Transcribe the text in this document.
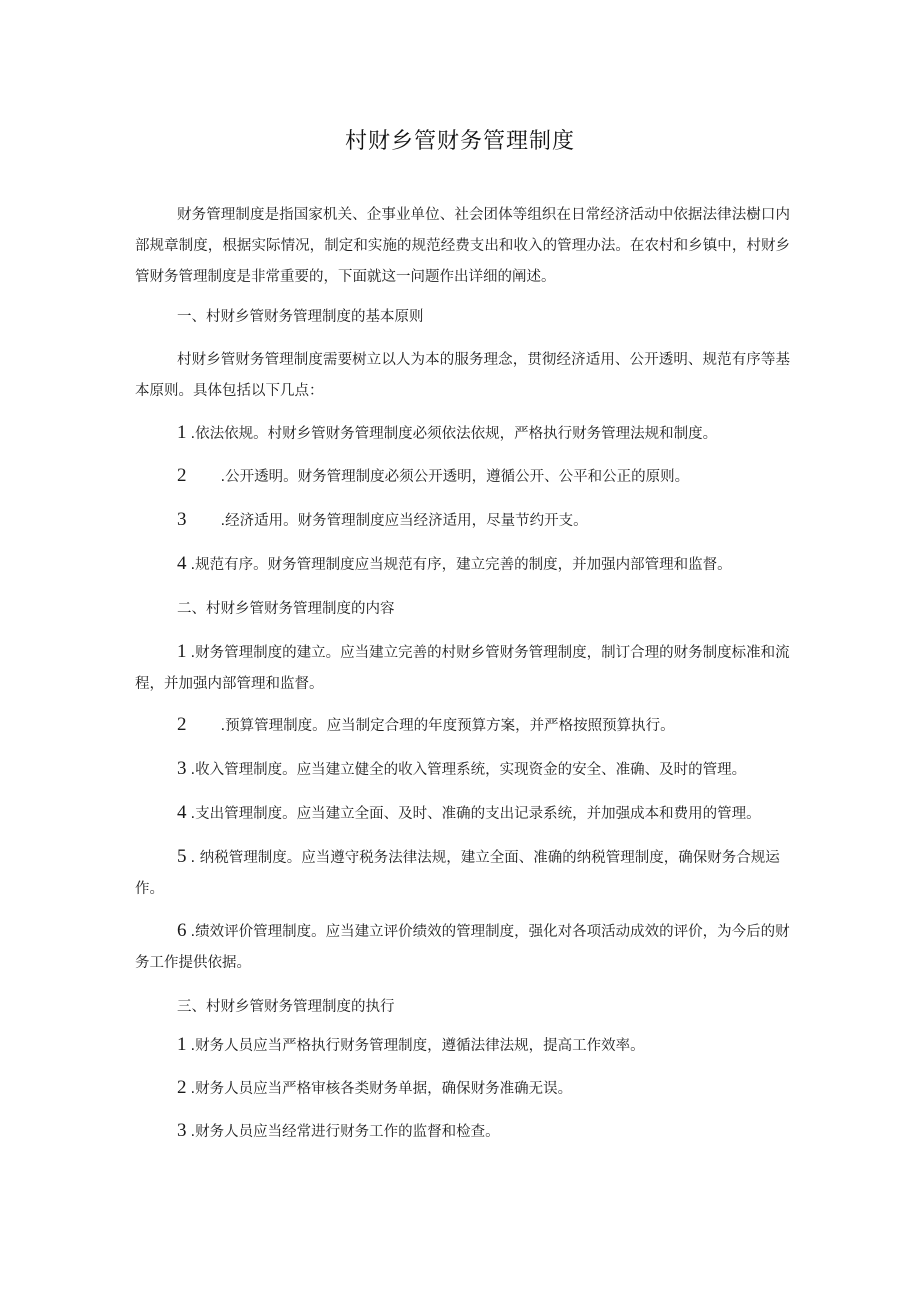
村财乡管财务管理制度

财务管理制度是指国家机关、企事业单位、社会团体等组织在日常经济活动中依据法律法樹口内部规章制度，根据实际情况，制定和实施的规范经费支出和收入的管理办法。在农村和乡镇中，村财乡管财务管理制度是非常重要的，下面就这一问题作出详细的阐述。

一、村财乡管财务管理制度的基本原则

村财乡管财务管理制度需要树立以人为本的服务理念，贯彻经济适用、公开透明、规范有序等基本原则。具体包括以下几点：

1 .依法依规。村财乡管财务管理制度必须依法依规，严格执行财务管理法规和制度。

2 .公开透明。财务管理制度必须公开透明，遵循公开、公平和公正的原则。

3 .经济适用。财务管理制度应当经济适用，尽量节约开支。

4 .规范有序。财务管理制度应当规范有序，建立完善的制度，并加强内部管理和监督。

二、村财乡管财务管理制度的内容

1 .财务管理制度的建立。应当建立完善的村财乡管财务管理制度，制订合理的财务制度标准和流程，并加强内部管理和监督。

2 .预算管理制度。应当制定合理的年度预算方案，并严格按照预算执行。

3 .收入管理制度。应当建立健全的收入管理系统，实现资金的安全、准确、及时的管理。

4 .支出管理制度。应当建立全面、及时、准确的支出记录系统，并加强成本和费用的管理。

5 . 纳税管理制度。应当遵守税务法律法规，建立全面、准确的纳税管理制度，确保财务合规运作。

6 .绩效评价管理制度。应当建立评价绩效的管理制度，强化对各项活动成效的评价，为今后的财务工作提供依据。

三、村财乡管财务管理制度的执行

1 .财务人员应当严格执行财务管理制度，遵循法律法规，提高工作效率。

2 .财务人员应当严格审核各类财务单据，确保财务准确无误。

3 .财务人员应当经常进行财务工作的监督和检查。
